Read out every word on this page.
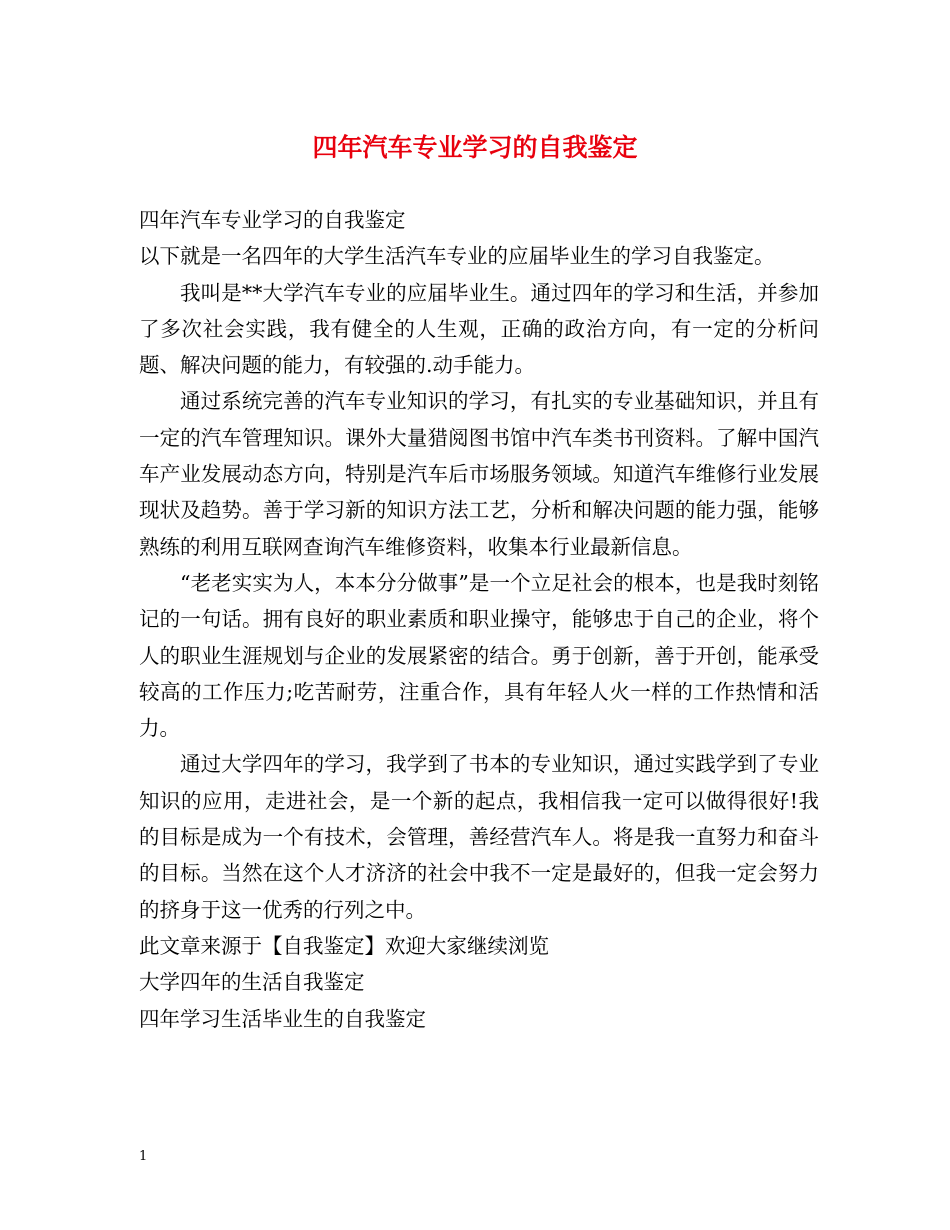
四年汽车专业学习的自我鉴定

四年汽车专业学习的自我鉴定

以下就是一名四年的大学生活汽车专业的应届毕业生的学习自我鉴定。

我叫是**大学汽车专业的应届毕业生。通过四年的学习和生活，并参加了多次社会实践，我有健全的人生观，正确的政治方向，有一定的分析问题、解决问题的能力，有较强的.动手能力。

通过系统完善的汽车专业知识的学习，有扎实的专业基础知识，并且有一定的汽车管理知识。课外大量猎阅图书馆中汽车类书刊资料。了解中国汽车产业发展动态方向，特别是汽车后市场服务领域。知道汽车维修行业发展现状及趋势。善于学习新的知识方法工艺，分析和解决问题的能力强，能够熟练的利用互联网查询汽车维修资料，收集本行业最新信息。

“老老实实为人，本本分分做事”是一个立足社会的根本，也是我时刻铭记的一句话。拥有良好的职业素质和职业操守，能够忠于自己的企业，将个人的职业生涯规划与企业的发展紧密的结合。勇于创新，善于开创，能承受较高的工作压力;吃苦耐劳，注重合作，具有年轻人火一样的工作热情和活力。

通过大学四年的学习，我学到了书本的专业知识，通过实践学到了专业知识的应用，走进社会，是一个新的起点，我相信我一定可以做得很好!我的目标是成为一个有技术，会管理，善经营汽车人。将是我一直努力和奋斗的目标。当然在这个人才济济的社会中我不一定是最好的，但我一定会努力的挤身于这一优秀的行列之中。

此文章来源于【自我鉴定】欢迎大家继续浏览

大学四年的生活自我鉴定

四年学习生活毕业生的自我鉴定

1
